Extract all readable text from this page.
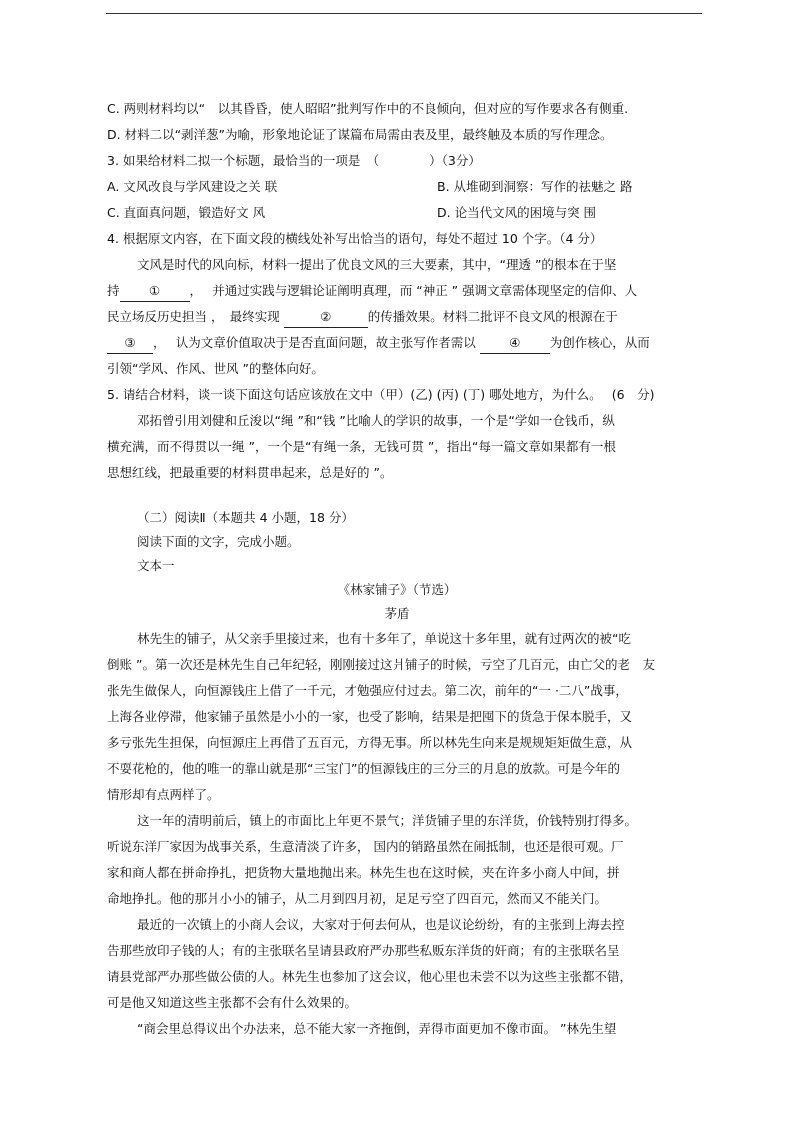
C. 两则材料均以“　以其昏昏，使人昭昭”批判写作中的不良倾向，但对应的写作要求各有侧重.
D. 材料二以“剥洋葱”为喻，形象地论证了谋篇布局需由表及里，最终触及本质的写作理念。
3. 如果给材料二拟一个标题，最恰当的一项是　（　　　　）（3分）
A. 文风改良与学风建设之关 联	B. 从堆砌到洞察：写作的祛魅之 路
C. 直面真问题，锻造好文 风	D. 论当代文风的困境与突 围
4. 根据原文内容，在下面文段的横线处补写出恰当的语句，每处不超过 10 个字。（4 分）
文风是时代的风向标，材料一提出了优良文风的三大要素，其中，“理透 ”的根本在于坚
持 ① ，　 并通过实践与逻辑论证阐明真理，而 “神正 ” 强调文章需体现坚定的信仰、人
民立场反历史担当 ，　最终实现	②	的传播效果。材料二批评不良文风的根源在于
③ ，　 认为文章价值取决于是否直面问题，故主张写作者需以 ④ 为创作核心，从而
引领“学风、作风、世风 ”的整体向好。
5. 请结合材料，谈一谈下面这句话应该放在文中（甲）(乙) (丙) (丁) 哪处地方，为什么。　 (6　分)
邓拓曾引用刘健和丘浚以“绳 ”和“钱 ”比喻人的学识的故事，一个是“学如一仓钱币，纵
横充满，而不得贯以一绳 ”，一个是“有绳一条，无钱可贯 ”，指出“每一篇文章如果都有一根
思想红线，把最重要的材料贯串起来，总是好的 ”。
（二）阅读Ⅱ（本题共 4 小题，18 分）
阅读下面的文字，完成小题。
文本一
《林家铺子》（节选）
茅盾
林先生的铺子，从父亲手里接过来，也有十多年了，单说这十多年里，就有过两次的被“吃
倒账 ”。第一次还是林先生自己年纪轻，刚刚接过这爿铺子的时候，亏空了几百元，由亡父的老　友
张先生做保人，向恒源钱庄上借了一千元，才勉强应付过去。第二次，前年的“一 ·二八”战事，
上海各业停滞，他家铺子虽然是小小的一家，也受了影响，结果是把囤下的货急于保本脱手，又
多亏张先生担保，向恒源庄上再借了五百元，方得无事。所以林先生向来是规规矩矩做生意，从
不耍花枪的，他的唯一的靠山就是那“三宝门”的恒源钱庄的三分三的月息的放款。可是今年的
情形却有点两样了。
这一年的清明前后，镇上的市面比上年更不景气；洋货铺子里的东洋货，价钱特别打得多。
听说东洋厂家因为战事关系，生意清淡了许多， 国内的销路虽然在闹抵制，也还是很可观。厂
家和商人都在拼命挣扎，把货物大量地抛出来。林先生也在这时候，夹在许多小商人中间，拼
命地挣扎。他的那爿小小的铺子，从二月到四月初，足足亏空了四百元，然而又不能关门。
最近的一次镇上的小商人会议，大家对于何去何从，也是议论纷纷，有的主张到上海去控
告那些放印子钱的人；有的主张联名呈请县政府严办那些私贩东洋货的奸商；有的主张联名呈
请县党部严办那些做公债的人。林先生也参加了这会议，他心里也未尝不以为这些主张都不错，
可是他又知道这些主张都不会有什么效果的。
“商会里总得议出个办法来，总不能大家一齐拖倒，弄得市面更加不像市面。 ”林先生望
